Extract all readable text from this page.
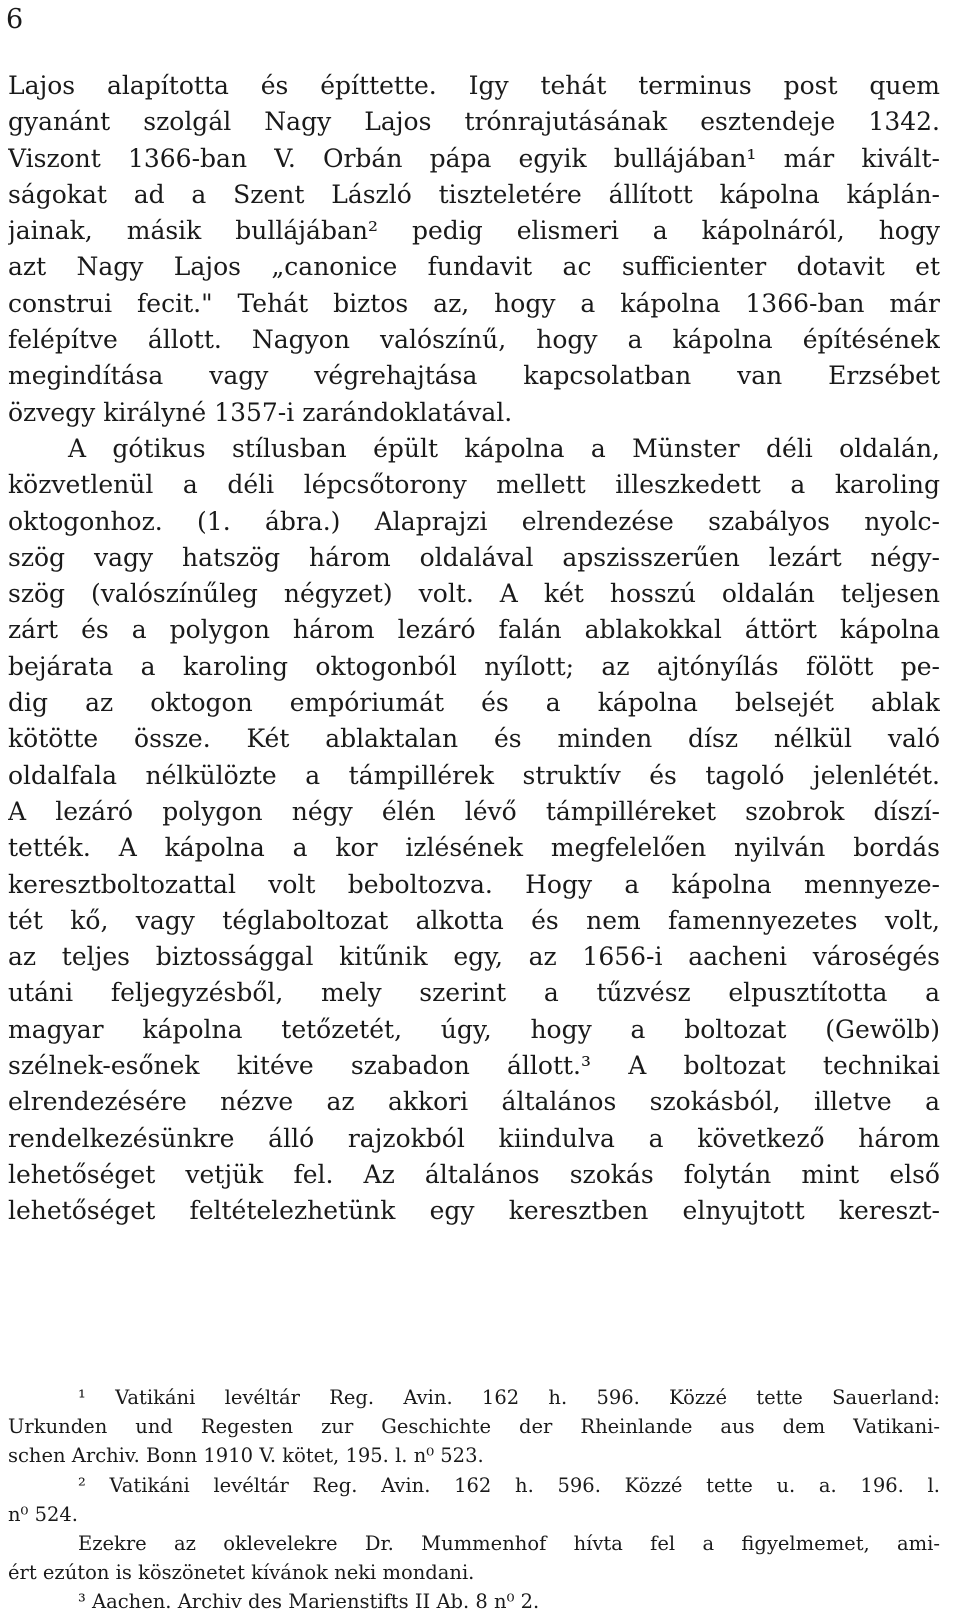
6
Lajos alapította és építtette. Igy tehát terminus post quem
gyanánt szolgál Nagy Lajos trónrajutásának esztendeje 1342.
Viszont 1366-ban V. Orbán pápa egyik bullájában¹ már kivált-
ságokat ad a Szent László tiszteletére állított kápolna káplán-
jainak, másik bullájában² pedig elismeri a kápolnáról, hogy
azt Nagy Lajos „canonice fundavit ac sufficienter dotavit et
construi fecit." Tehát biztos az, hogy a kápolna 1366-ban már
felépítve állott. Nagyon valószínű, hogy a kápolna építésének
megindítása vagy végrehajtása kapcsolatban van Erzsébet
özvegy királyné 1357-i zarándoklatával.
A gótikus stílusban épült kápolna a Münster déli oldalán,
közvetlenül a déli lépcsőtorony mellett illeszkedett a karoling
oktogonhoz. (1. ábra.) Alaprajzi elrendezése szabályos nyolc-
szög vagy hatszög három oldalával apszisszerűen lezárt négy-
szög (valószínűleg négyzet) volt. A két hosszú oldalán teljesen
zárt és a polygon három lezáró falán ablakokkal áttört kápolna
bejárata a karoling oktogonból nyílott; az ajtónyílás fölött pe-
dig az oktogon empóriumát és a kápolna belsejét ablak
kötötte össze. Két ablaktalan és minden dísz nélkül való
oldalfala nélkülözte a támpillérek struktív és tagoló jelenlétét.
A lezáró polygon négy élén lévő támpilléreket szobrok díszí-
tették. A kápolna a kor izlésének megfelelően nyilván bordás
keresztboltozattal volt beboltozva. Hogy a kápolna mennyeze-
tét kő, vagy téglaboltozat alkotta és nem famennyezetes volt,
az teljes biztossággal kitűnik egy, az 1656-i aacheni városégés
utáni feljegyzésből, mely szerint a tűzvész elpusztította a
magyar kápolna tetőzetét, úgy, hogy a boltozat (Gewölb)
szélnek-esőnek kitéve szabadon állott.³ A boltozat technikai
elrendezésére nézve az akkori általános szokásból, illetve a
rendelkezésünkre álló rajzokból kiindulva a következő három
lehetőséget vetjük fel. Az általános szokás folytán mint első
lehetőséget feltételezhetünk egy keresztben elnyujtott kereszt-
¹ Vatikáni levéltár Reg. Avin. 162 h. 596. Közzé tette Sauerland:
Urkunden und Regesten zur Geschichte der Rheinlande aus dem Vatikani-
schen Archiv. Bonn 1910 V. kötet, 195. l. n⁰ 523.
² Vatikáni levéltár Reg. Avin. 162 h. 596. Közzé tette u. a. 196. l.
n⁰ 524.
Ezekre az oklevelekre Dr. Mummenhof hívta fel a figyelmemet, ami-
ért ezúton is köszönetet kívánok neki mondani.
³ Aachen. Archiv des Marienstifts II Ab. 8 n⁰ 2.
